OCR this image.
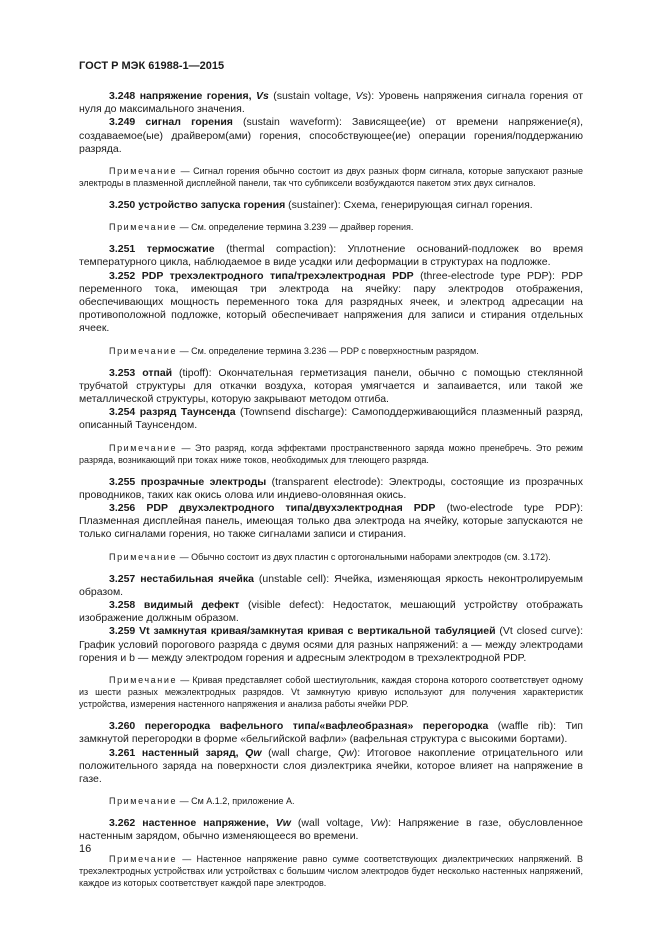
ГОСТ Р МЭК 61988-1—2015

3.248 напряжение горения, Vs (sustain voltage, Vs): Уровень напряжения сигнала горения от нуля до максимального значения.

3.249 сигнал горения (sustain waveform): Зависящее(ие) от времени напряжение(я), создаваемое(ые) драйвером(ами) горения, способствующее(ие) операции горения/поддержанию разряда.

Примечание — Сигнал горения обычно состоит из двух разных форм сигнала, которые запускают разные электроды в плазменной дисплейной панели, так что субпиксели возбуждаются пакетом этих двух сигналов.

3.250 устройство запуска горения (sustainer): Схема, генерирующая сигнал горения.

Примечание — См. определение термина 3.239 — драйвер горения.

3.251 термосжатие (thermal compaction): Уплотнение оснований-подложек во время температурного цикла, наблюдаемое в виде усадки или деформации в структурах на подложке.

3.252 PDP трехэлектродного типа/трехэлектродная PDP (three-electrode type PDP): PDP переменного тока, имеющая три электрода на ячейку: пару электродов отображения, обеспечивающих мощность переменного тока для разрядных ячеек, и электрод адресации на противоположной подложке, который обеспечивает напряжения для записи и стирания отдельных ячеек.

Примечание — См. определение термина 3.236 — PDP с поверхностным разрядом.

3.253 отпай (tipoff): Окончательная герметизация панели, обычно с помощью стеклянной трубчатой структуры для откачки воздуха, которая умягчается и запаивается, или такой же металлической структуры, которую закрывают методом отгиба.

3.254 разряд Таунсенда (Townsend discharge): Самоподдерживающийся плазменный разряд, описанный Таунсендом.

Примечание — Это разряд, когда эффектами пространственного заряда можно пренебречь. Это режим разряда, возникающий при токах ниже токов, необходимых для тлеющего разряда.

3.255 прозрачные электроды (transparent electrode): Электроды, состоящие из прозрачных проводников, таких как окись олова или индиево-оловянная окись.

3.256 PDP двухэлектродного типа/двухэлектродная PDP (two-electrode type PDP): Плазменная дисплейная панель, имеющая только два электрода на ячейку, которые запускаются не только сигналами горения, но также сигналами записи и стирания.

Примечание — Обычно состоит из двух пластин с ортогональными наборами электродов (см. 3.172).

3.257 нестабильная ячейка (unstable cell): Ячейка, изменяющая яркость неконтролируемым образом.

3.258 видимый дефект (visible defect): Недостаток, мешающий устройству отображать изображение должным образом.

3.259 Vt замкнутая кривая/замкнутая кривая с вертикальной табуляцией (Vt closed curve): График условий порогового разряда с двумя осями для разных напряжений: a — между электродами горения и b — между электродом горения и адресным электродом в трехэлектродной PDP.

Примечание — Кривая представляет собой шестиугольник, каждая сторона которого соответствует одному из шести разных межэлектродных разрядов. Vt замкнутую кривую используют для получения характеристик устройства, измерения настенного напряжения и анализа работы ячейки PDP.

3.260 перегородка вафельного типа/«вафлеобразная» перегородка (waffle rib): Тип замкнутой перегородки в форме «бельгийской вафли» (вафельная структура с высокими бортами).

3.261 настенный заряд, Qw (wall charge, Qw): Итоговое накопление отрицательного или положительного заряда на поверхности слоя диэлектрика ячейки, которое влияет на напряжение в газе.

Примечание — См А.1.2, приложение А.

3.262 настенное напряжение, Vw (wall voltage, Vw): Напряжение в газе, обусловленное настенным зарядом, обычно изменяющееся во времени.

Примечание — Настенное напряжение равно сумме соответствующих диэлектрических напряжений. В трехэлектродных устройствах или устройствах с большим числом электродов будет несколько настенных напряжений, каждое из которых соответствует каждой паре электродов.

16
